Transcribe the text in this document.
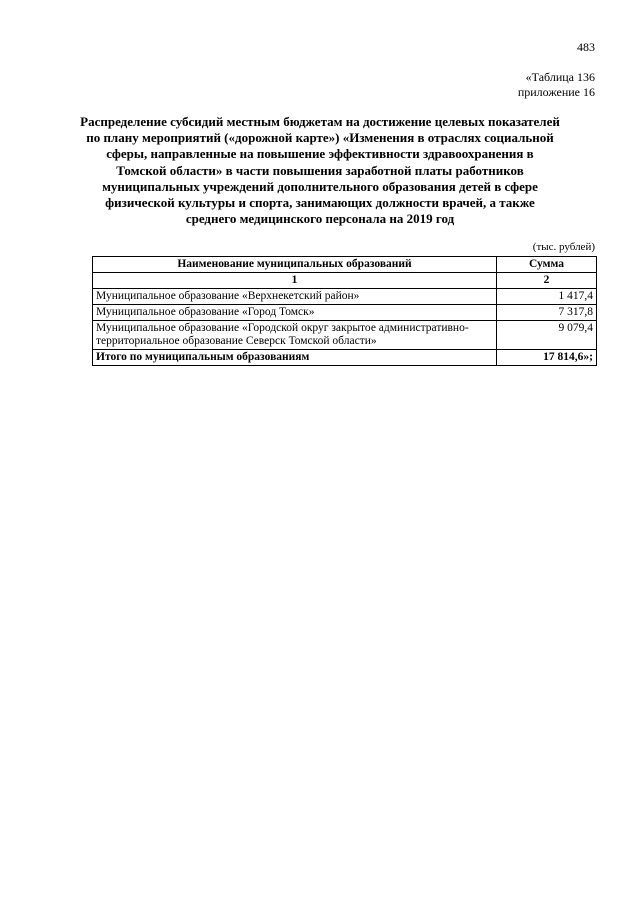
483
«Таблица 136
приложение 16
Распределение субсидий местным бюджетам на достижение целевых показателей по плану мероприятий («дорожной карте») «Изменения в отраслях социальной сферы, направленные на повышение эффективности здравоохранения в Томской области» в части повышения заработной платы работников муниципальных учреждений дополнительного образования детей в сфере физической культуры и спорта, занимающих должности врачей, а также среднего медицинского персонала на 2019 год
(тыс. рублей)
Наименование муниципальных образований	Сумма
1	2
Муниципальное образование «Верхнекетский район»	1 417,4
Муниципальное образование «Город Томск»	7 317,8
Муниципальное образование «Городской округ закрытое административно-территориальное образование Северск Томской области»	9 079,4
Итого по муниципальным образованиям	17 814,6»;
